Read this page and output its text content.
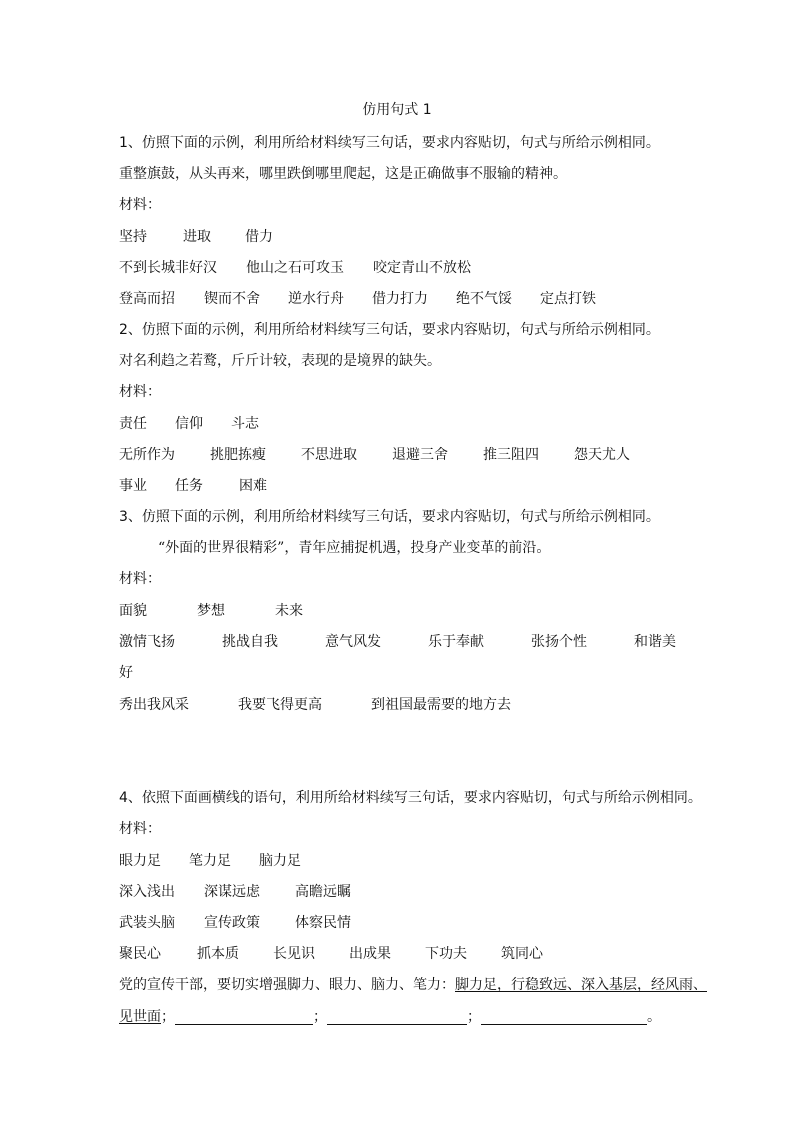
仿用句式 1
1、仿照下面的示例，利用所给材料续写三句话，要求内容贴切，句式与所给示例相同。
重整旗鼓，从头再来，哪里跌倒哪里爬起，这是正确做事不服输的精神。
材料：
坚持	进取 借力
不到长城非好汉 他山之石可攻玉 咬定青山不放松
登高而招 锲而不舍 逆水行舟 借力打力 绝不气馁 定点打铁
2、仿照下面的示例，利用所给材料续写三句话，要求内容贴切，句式与所给示例相同。
对名利趋之若鹜，斤斤计较，表现的是境界的缺失。
材料：
责任 信仰 斗志
无所作为	挑肥拣瘦	不思进取	退避三舍	推三阻四	怨天尤人
事业 任务	困难
3、仿照下面的示例，利用所给材料续写三句话，要求内容贴切，句式与所给示例相同。
“外面的世界很精彩”，青年应捕捉机遇，投身产业变革的前沿。
材料：
面貌	梦想	未来
激情飞扬	挑战自我	意气风发	乐于奉献	张扬个性	和谐美
好
秀出我风采	我要飞得更高	到祖国最需要的地方去
4、依照下面画横线的语句，利用所给材料续写三句话，要求内容贴切，句式与所给示例相同。
材料：
眼力足 笔力足 脑力足
深入浅出 深谋远虑	高瞻远瞩
武装头脑 宣传政策	体察民情
聚民心	抓本质 长见识 出成果 下功夫 筑同心
党的宣传干部，要切实增强脚力、眼力、脑力、笔力：脚力足，行稳致远、深入基层，经风雨、
见世面；	；	；	。
